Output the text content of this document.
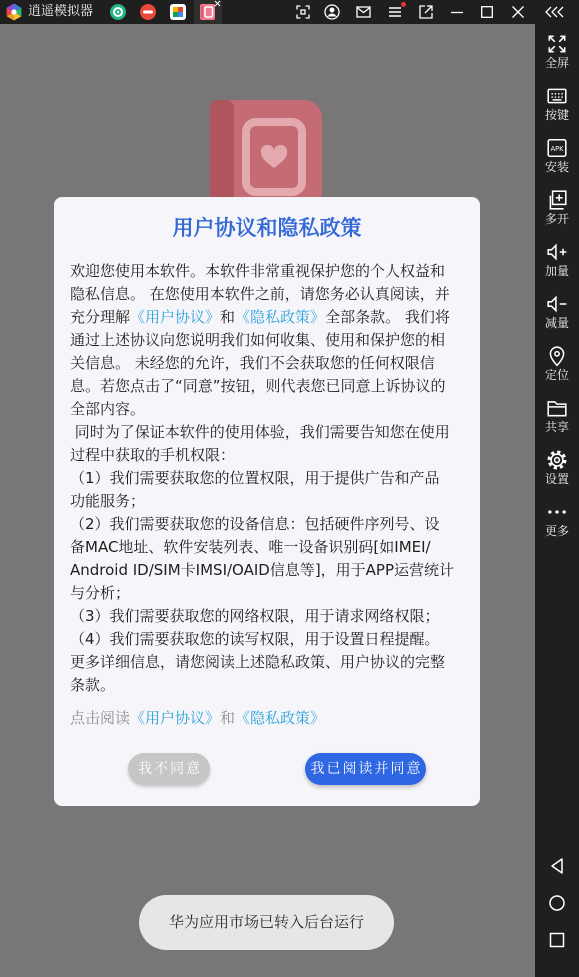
逍遥模拟器
用户协议和隐私政策
欢迎您使用本软件。本软件非常重视保护您的个人权益和
隐私信息。 在您使用本软件之前，请您务必认真阅读，并
充分理解《用户协议》和《隐私政策》全部条款。 我们将
通过上述协议向您说明我们如何收集、使用和保护您的相
关信息。 未经您的允许，我们不会获取您的任何权限信
息。若您点击了“同意”按钮，则代表您已同意上诉协议的
全部内容。
同时为了保证本软件的使用体验，我们需要告知您在使用
过程中获取的手机权限：
（1）我们需要获取您的位置权限，用于提供广告和产品
功能服务；
（2）我们需要获取您的设备信息：包括硬件序列号、设
备MAC地址、软件安装列表、唯一设备识别码[如IMEI/
Android ID/SIM卡IMSI/OAID信息等]，用于APP运营统计
与分析；
（3）我们需要获取您的网络权限，用于请求网络权限；
（4）我们需要获取您的读写权限，用于设置日程提醒。
更多详细信息，请您阅读上述隐私政策、用户协议的完整
条款。
点击阅读《用户协议》和《隐私政策》
我不同意	我已阅读并同意
华为应用市场已转入后台运行
全屏
按键
APK
安装
多开
加量
减量
定位
共享
设置
更多
